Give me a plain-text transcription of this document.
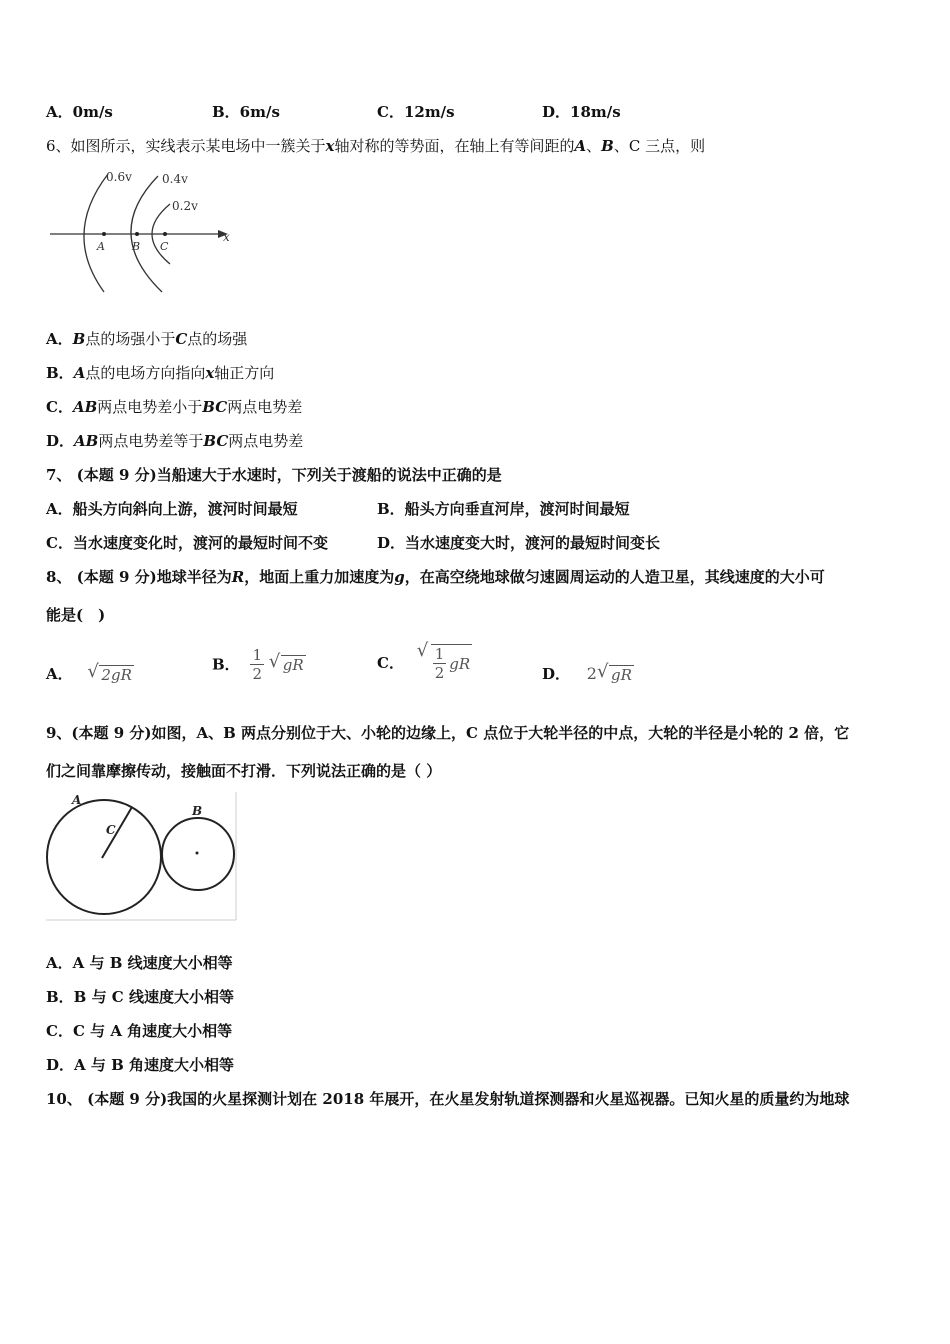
A．0m/s	B．6m/s	C．12m/s	D．18m/s
6、如图所示，实线表示某电场中一簇关于x轴对称的等势面，在轴上有等间距的A、B、C 三点，则
x
0.6v	0.4v
0.2v
A B C
A．B点的场强小于C点的场强
B．A点的电场方向指向x轴正方向
C．AB两点电势差小于BC两点电势差
D．AB两点电势差等于BC两点电势差
7、 (本题 9 分)当船速大于水速时，下列关于渡船的说法中正确的是
A．船头方向斜向上游，渡河时间最短	B．船头方向垂直河岸，渡河时间最短
C．当水速度变化时，渡河的最短时间不变	D．当水速度变大时，渡河的最短时间变长
8、 (本题 9 分)地球半径为R，地面上重力加速度为g，在高空绕地球做匀速圆周运动的人造卫星，其线速度的大小可
能是(　)
A． √ 2gR
B． $\frac{1}{2}$ √ gR	C． √ $\frac{1}{2}$ gR
D． 2 √ gR
9、(本题 9 分)如图，A、B 两点分别位于大、小轮的边缘上，C 点位于大轮半径的中点，大轮的半径是小轮的 2 倍，它
们之间靠摩擦传动，接触面不打滑．下列说法正确的是（ ）
A
C
B
A．A 与 B 线速度大小相等
B．B 与 C 线速度大小相等
C．C 与 A 角速度大小相等
D．A 与 B 角速度大小相等
10、 (本题 9 分)我国的火星探测计划在 2018 年展开，在火星发射轨道探测器和火星巡视器。已知火星的质量约为地球
